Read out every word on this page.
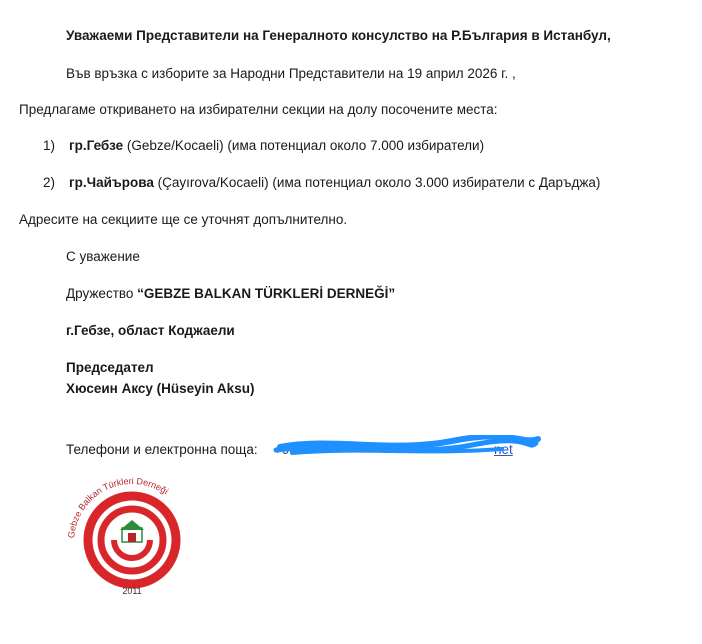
Уважаеми Представители на Генералното консулство на Р.България в Истанбул,
Във връзка с изборите за Народни Представители на 19 април 2026 г. ,
Предлагаме откриването на избирателни секции на долу посочените места:
1) гр.Гебзе (Gebze/Kocaeli) (има потенциал около 7.000 избиратели)
2) гр.Чайърова (Çayırova/Kocaeli) (има потенциал около 3.000 избиратели с Даръджа)
Адресите на секциите ще се уточнят допълнително.
С уважение
Дружество “GEBZE BALKAN TÜRKLERİ DERNEĞİ”
г.Гебзе, област Коджаели
Председател
Хюсеин Аксу (Hüseyin Aksu)
Телефони и електронна поща: +90 5	net
Gebze Balkan Türkleri Derneği
2011
